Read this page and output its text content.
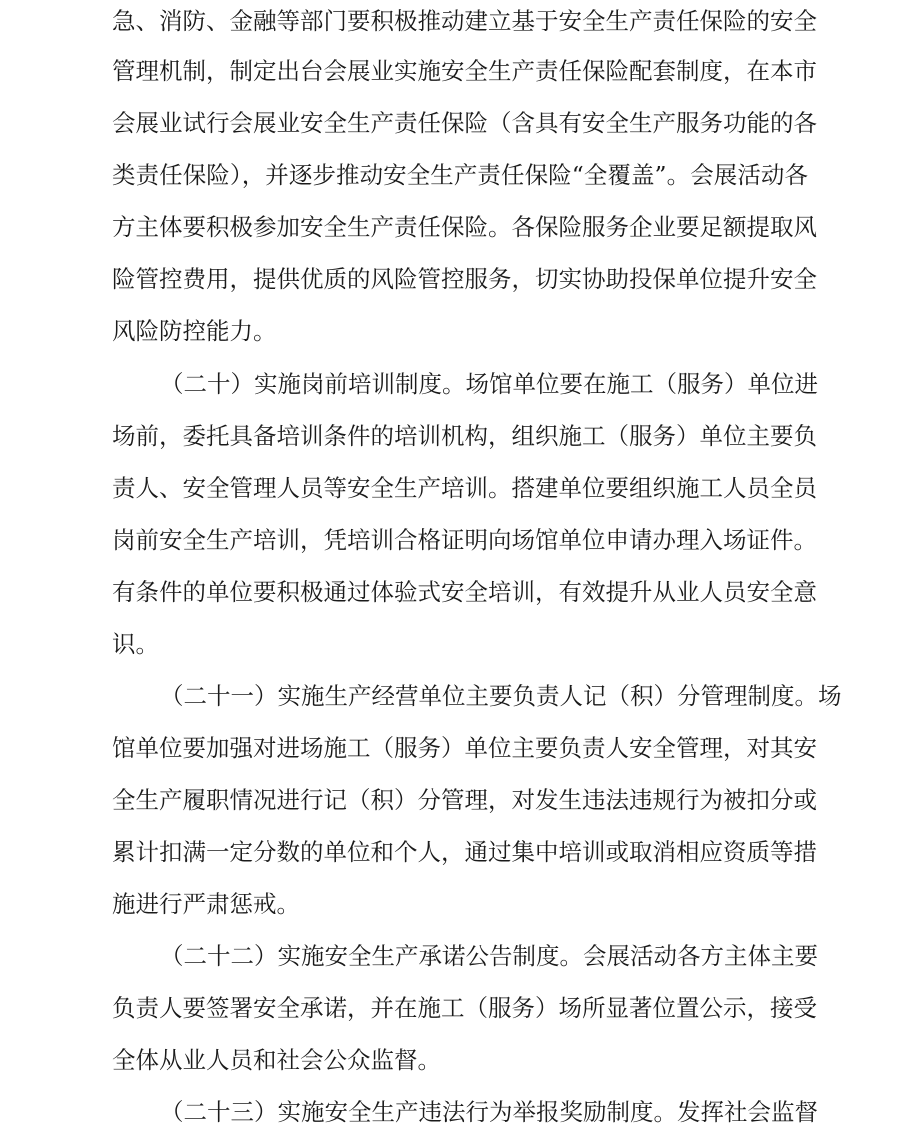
急、消防、金融等部门要积极推动建立基于安全生产责任保险的安全

管理机制，制定出台会展业实施安全生产责任保险配套制度，在本市

会展业试行会展业安全生产责任保险（含具有安全生产服务功能的各

类责任保险），并逐步推动安全生产责任保险“全覆盖”。会展活动各

方主体要积极参加安全生产责任保险。各保险服务企业要足额提取风

险管控费用，提供优质的风险管控服务，切实协助投保单位提升安全

风险防控能力。

（二十）实施岗前培训制度。场馆单位要在施工（服务）单位进

场前，委托具备培训条件的培训机构，组织施工（服务）单位主要负

责人、安全管理人员等安全生产培训。搭建单位要组织施工人员全员

岗前安全生产培训，凭培训合格证明向场馆单位申请办理入场证件。

有条件的单位要积极通过体验式安全培训，有效提升从业人员安全意

识。

（二十一）实施生产经营单位主要负责人记（积）分管理制度。场

馆单位要加强对进场施工（服务）单位主要负责人安全管理，对其安

全生产履职情况进行记（积）分管理，对发生违法违规行为被扣分或

累计扣满一定分数的单位和个人，通过集中培训或取消相应资质等措

施进行严肃惩戒。

（二十二）实施安全生产承诺公告制度。会展活动各方主体主要

负责人要签署安全承诺，并在施工（服务）场所显著位置公示，接受

全体从业人员和社会公众监督。

（二十三）实施安全生产违法行为举报奖励制度。发挥社会监督
